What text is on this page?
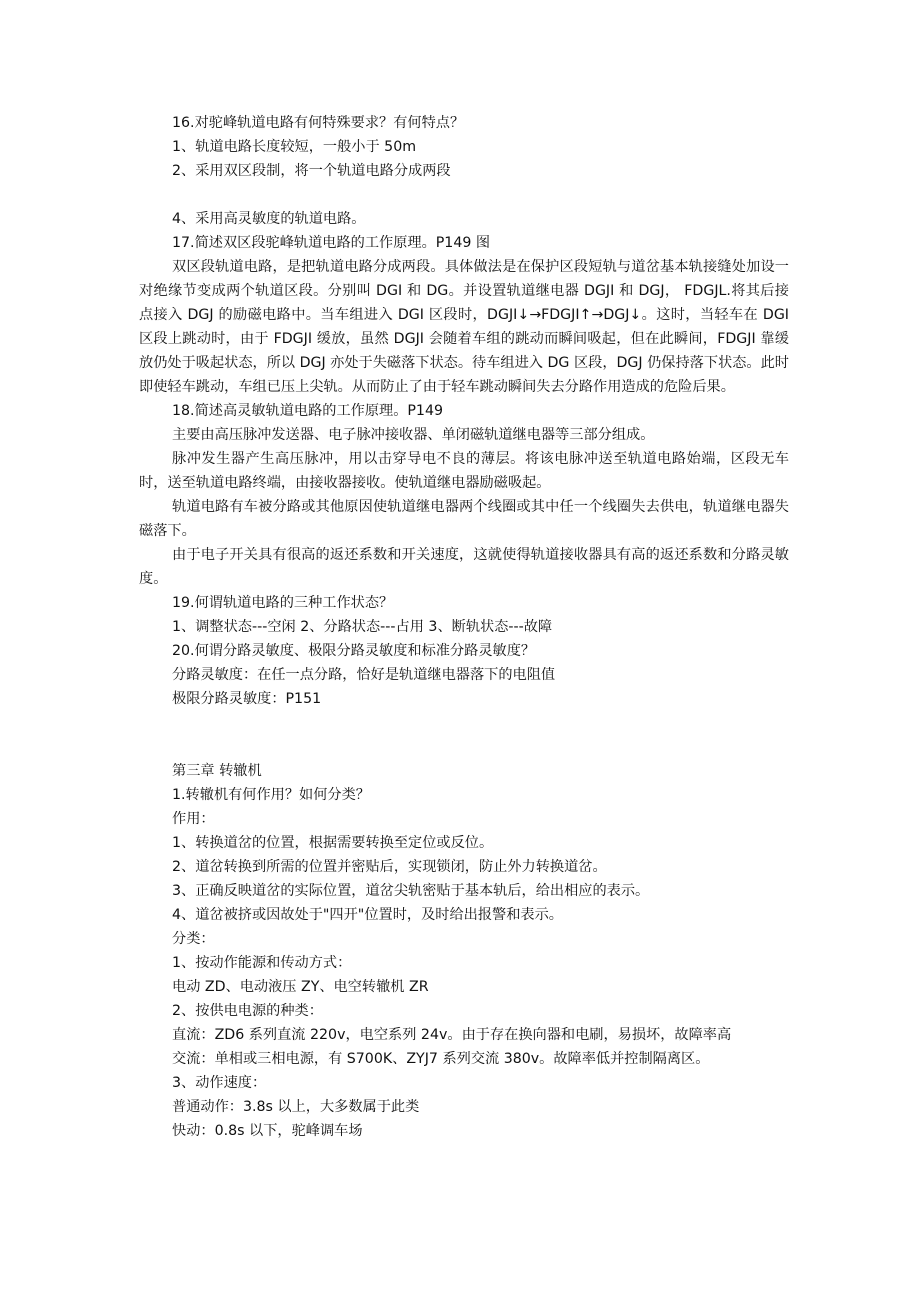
16.对驼峰轨道电路有何特殊要求？有何特点？
1、轨道电路长度较短，一般小于 50m
2、采用双区段制，将一个轨道电路分成两段
4、采用高灵敏度的轨道电路。
17.简述双区段驼峰轨道电路的工作原理。P149 图
双区段轨道电路，是把轨道电路分成两段。具体做法是在保护区段短轨与道岔基本轨接缝处加设一对绝缘节变成两个轨道区段。分别叫 DGI 和 DG。并设置轨道继电器 DGJI 和 DGJ， FDGJL.将其后接点接入 DGJ 的励磁电路中。当车组进入 DGI 区段时，DGJI↓→FDGJI↑→DGJ↓。这时，当轻车在 DGI 区段上跳动时，由于 FDGJI 缓放，虽然 DGJI 会随着车组的跳动而瞬间吸起，但在此瞬间，FDGJI 靠缓放仍处于吸起状态，所以 DGJ 亦处于失磁落下状态。待车组进入 DG 区段，DGJ 仍保持落下状态。此时即使轻车跳动，车组已压上尖轨。从而防止了由于轻车跳动瞬间失去分路作用造成的危险后果。
18.简述高灵敏轨道电路的工作原理。P149
主要由高压脉冲发送器、电子脉冲接收器、单闭磁轨道继电器等三部分组成。
脉冲发生器产生高压脉冲，用以击穿导电不良的薄层。将该电脉冲送至轨道电路始端，区段无车时，送至轨道电路终端，由接收器接收。使轨道继电器励磁吸起。
轨道电路有车被分路或其他原因使轨道继电器两个线圈或其中任一个线圈失去供电，轨道继电器失磁落下。
由于电子开关具有很高的返还系数和开关速度，这就使得轨道接收器具有高的返还系数和分路灵敏度。
19.何谓轨道电路的三种工作状态？
1、调整状态---空闲 2、分路状态---占用 3、断轨状态---故障
20.何谓分路灵敏度、极限分路灵敏度和标准分路灵敏度？
分路灵敏度：在任一点分路，恰好是轨道继电器落下的电阻值
极限分路灵敏度：P151
第三章 转辙机
1.转辙机有何作用？如何分类？
作用：
1、转换道岔的位置，根据需要转换至定位或反位。
2、道岔转换到所需的位置并密贴后，实现锁闭，防止外力转换道岔。
3、正确反映道岔的实际位置，道岔尖轨密贴于基本轨后，给出相应的表示。
4、道岔被挤或因故处于"四开"位置时，及时给出报警和表示。
分类：
1、按动作能源和传动方式：
电动 ZD、电动液压 ZY、电空转辙机 ZR
2、按供电电源的种类：
直流：ZD6 系列直流 220v，电空系列 24v。由于存在换向器和电刷，易损坏，故障率高
交流：单相或三相电源，有 S700K、ZYJ7 系列交流 380v。故障率低并控制隔离区。
3、动作速度：
普通动作：3.8s 以上，大多数属于此类
快动：0.8s 以下，驼峰调车场
